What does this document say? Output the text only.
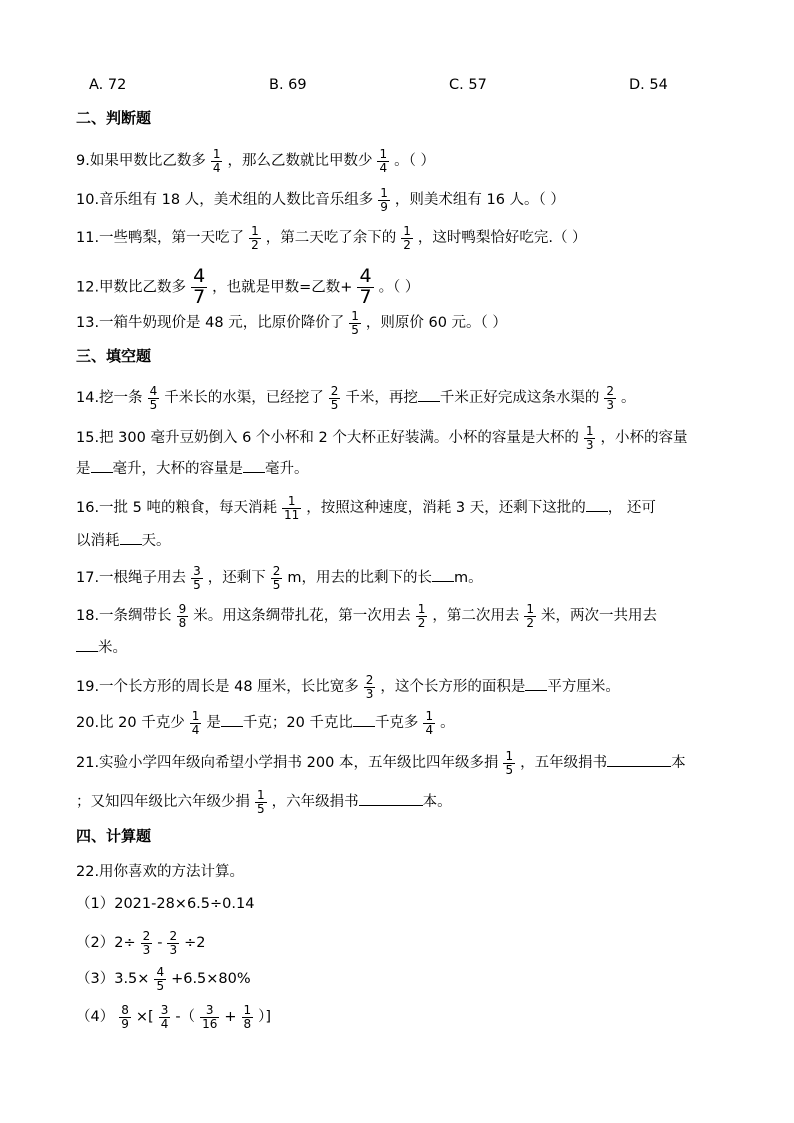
A. 72	B. 69	C. 57	D. 54
二、判断题
9.如果甲数比乙数多 $\frac{1}{4}$ ，那么乙数就比甲数少 $\frac{1}{4}$ 。（ ）
10.音乐组有 18 人，美术组的人数比音乐组多 $\frac{1}{9}$ ，则美术组有 16 人。（ ）
11.一些鸭梨，第一天吃了 $\frac{1}{2}$ ，第二天吃了余下的 $\frac{1}{2}$ ，这时鸭梨恰好吃完.（ ）
12.甲数比乙数多 $\frac{4}{7}$ ，也就是甲数=乙数+ $\frac{4}{7}$ 。（ ）
13.一箱牛奶现价是 48 元，比原价降价了 $\frac{1}{5}$ ，则原价 60 元。（ ）
三、填空题
14.挖一条 $\frac{4}{5}$ 千米长的水渠，已经挖了 $\frac{2}{5}$ 千米，再挖 千米正好完成这条水渠的 $\frac{2}{3}$ 。
15.把 300 毫升豆奶倒入 6 个小杯和 2 个大杯正好装满。小杯的容量是大杯的 $\frac{1}{3}$ ，小杯的容量
是 毫升，大杯的容量是 毫升。
16.一批 5 吨的粮食，每天消耗 $\frac{1}{11}$ ，按照这种速度，消耗 3 天，还剩下这批的 ， 还可
以消耗 天。
17.一根绳子用去 $\frac{3}{5}$ ，还剩下 $\frac{2}{5}$ m，用去的比剩下的长 m。
18.一条绸带长 $\frac{9}{8}$ 米。用这条绸带扎花，第一次用去 $\frac{1}{2}$ ，第二次用去 $\frac{1}{2}$ 米，两次一共用去
米。
19.一个长方形的周长是 48 厘米，长比宽多 $\frac{2}{3}$ ，这个长方形的面积是 平方厘米。
20.比 20 千克少 $\frac{1}{4}$ 是 千克；20 千克比 千克多 $\frac{1}{4}$ 。
21.实验小学四年级向希望小学捐书 200 本，五年级比四年级多捐 $\frac{1}{5}$ ，五年级捐书	本
；又知四年级比六年级少捐 $\frac{1}{5}$ ，六年级捐书	本。
四、计算题
22.用你喜欢的方法计算。
（1）2021-28×6.5÷0.14
$(2)2\div \frac{2}{3} - \frac{2}{3} \div 2$
$(3)3.5\times \frac{4}{5} +6.5\times 80\%$
$(4) \frac{8}{9}$ ×[ $\frac{3}{4}$ -（ $\frac{3}{16} + \frac{1}{8}$ ）]
